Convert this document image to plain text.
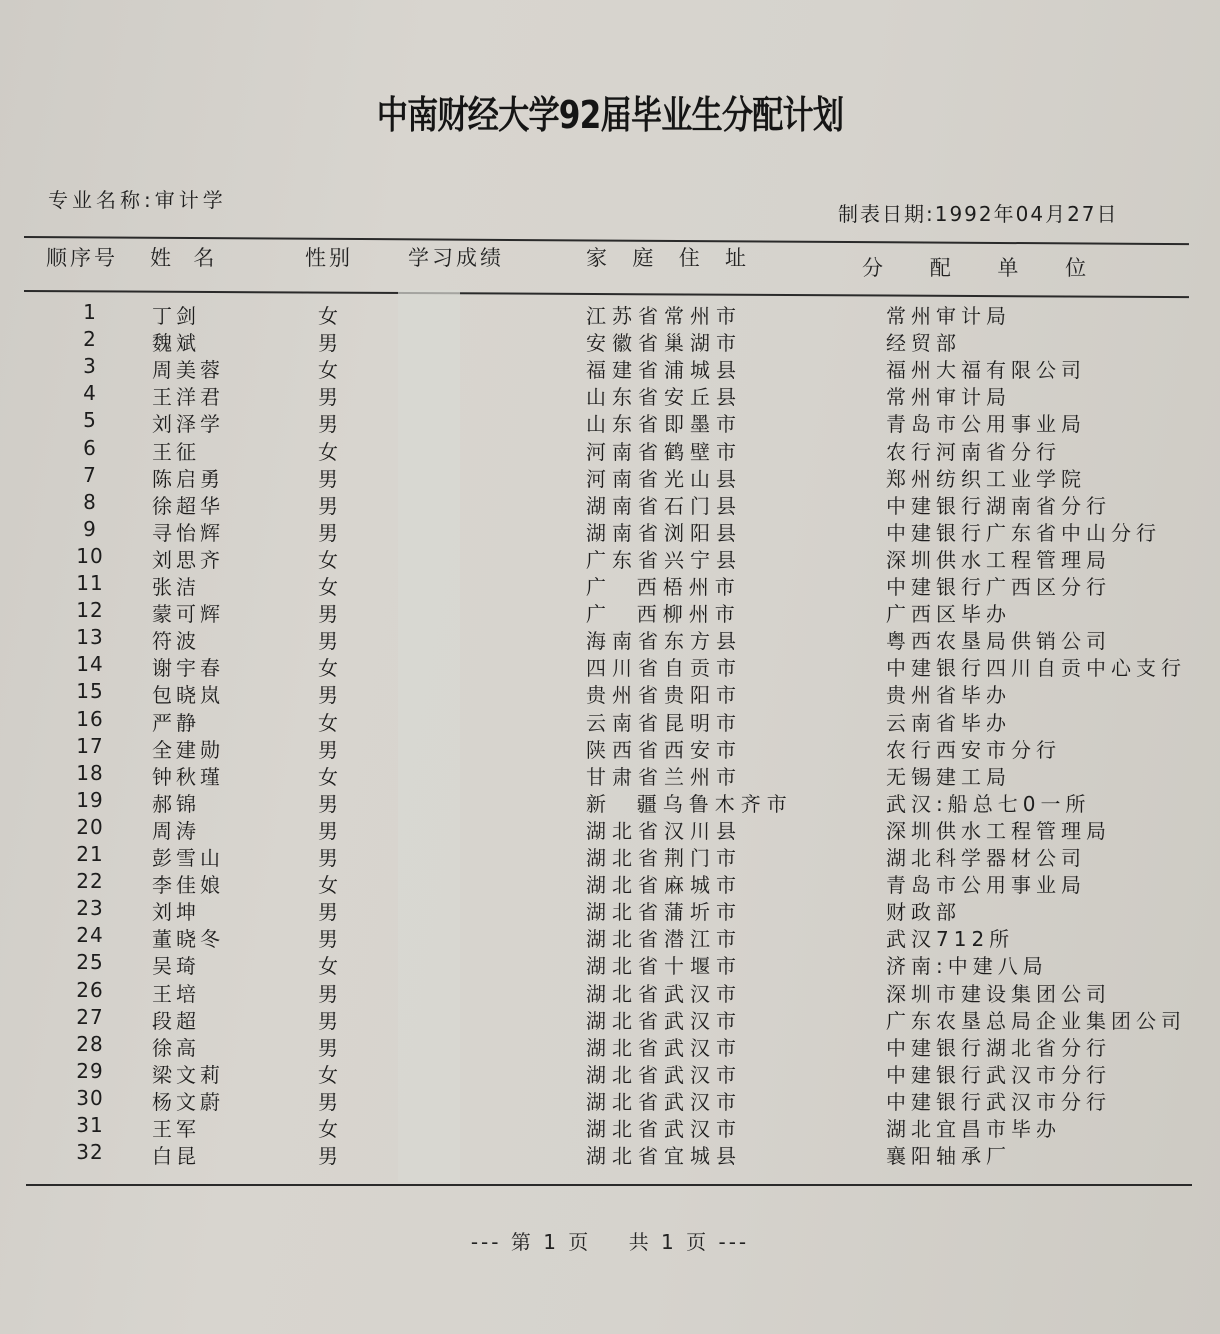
中南财经大学92届毕业生分配计划
专业名称:审计学
制表日期:1992年04月27日
顺序号 姓  名	性别	学习成绩	家  庭  住  址	分    配    单    位
1	丁剑	女	江苏省常州市	常州审计局
2	魏斌	男	安徽省巢湖市	经贸部
3	周美蓉	女	福建省浦城县	福州大福有限公司
4	王洋君	男	山东省安丘县	常州审计局
5	刘泽学	男	山东省即墨市	青岛市公用事业局
6	王征	女	河南省鹤壁市	农行河南省分行
7	陈启勇	男	河南省光山县	郑州纺织工业学院
8	徐超华	男	湖南省石门县	中建银行湖南省分行
9	寻怡辉	男	湖南省浏阳县	中建银行广东省中山分行
10	刘思齐	女	广东省兴宁县	深圳供水工程管理局
11	张洁	女	广  西梧州市	中建银行广西区分行
12	蒙可辉	男	广  西柳州市	广西区毕办
13	符波	男	海南省东方县	粤西农垦局供销公司
14	谢宇春	女	四川省自贡市	中建银行四川自贡中心支行
15	包晓岚	男	贵州省贵阳市	贵州省毕办
16	严静	女	云南省昆明市	云南省毕办
17	全建勋	男	陕西省西安市	农行西安市分行
18	钟秋瑾	女	甘肃省兰州市	无锡建工局
19	郝锦	男	新  疆乌鲁木齐市	武汉:船总七0一所
20	周涛	男	湖北省汉川县	深圳供水工程管理局
21	彭雪山	男	湖北省荆门市	湖北科学器材公司
22	李佳娘	女	湖北省麻城市	青岛市公用事业局
23	刘坤	男	湖北省蒲圻市	财政部
24	董晓冬	男	湖北省潜江市	武汉712所
25	吴琦	女	湖北省十堰市	济南:中建八局
26	王培	男	湖北省武汉市	深圳市建设集团公司
27	段超	男	湖北省武汉市	广东农垦总局企业集团公司
28	徐高	男	湖北省武汉市	中建银行湖北省分行
29	梁文莉	女	湖北省武汉市	中建银行武汉市分行
30	杨文蔚	男	湖北省武汉市	中建银行武汉市分行
31	王军	女	湖北省武汉市	湖北宜昌市毕办
32	白昆	男	湖北省宜城县	襄阳轴承厂
--- 第 1 页    共 1 页 ---
